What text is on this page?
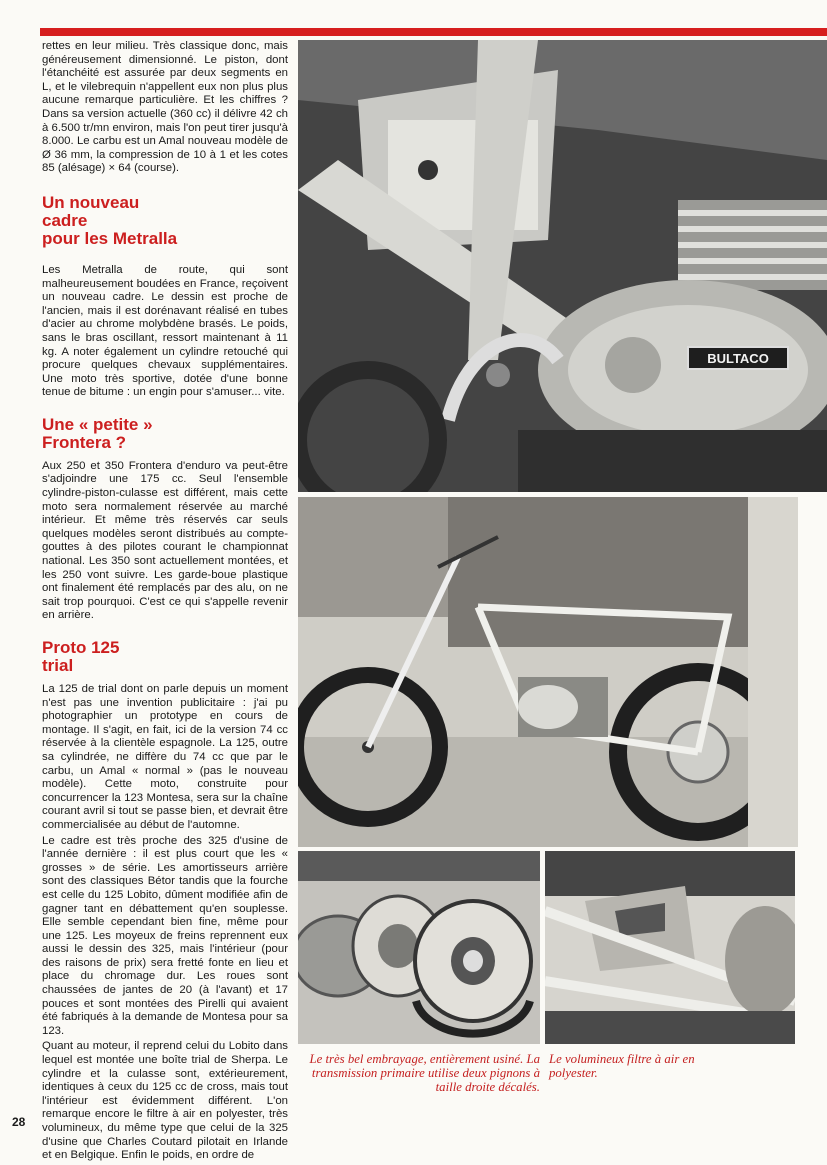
rettes en leur milieu. Très classique donc, mais généreusement dimensionné. Le piston, dont l'étanchéité est assurée par deux segments en L, et le vilebrequin n'appellent eux non plus plus aucune remarque particulière. Et les chiffres ? Dans sa version actuelle (360 cc) il délivre 42 ch à 6.500 tr/mn environ, mais l'on peut tirer jusqu'à 8.000. Le carbu est un Amal nouveau modèle de Ø 36 mm, la compression de 10 à 1 et les cotes 85 (alésage) × 64 (course).

Un nouveau
cadre
pour les Metralla

Les Metralla de route, qui sont malheureusement boudées en France, reçoivent un nouveau cadre. Le dessin est proche de l'ancien, mais il est dorénavant réalisé en tubes d'acier au chrome molybdène brasés. Le poids, sans le bras oscillant, ressort maintenant à 11 kg. A noter également un cylindre retouché qui procure quelques chevaux supplémentaires. Une moto très sportive, dotée d'une bonne tenue de bitume : un engin pour s'amuser... vite.

Une « petite »
Frontera ?

Aux 250 et 350 Frontera d'enduro va peut-être s'adjoindre une 175 cc. Seul l'ensemble cylindre-piston-culasse est différent, mais cette moto sera normalement réservée au marché intérieur. Et même très réservés car seuls quelques modèles seront distribués au compte-gouttes à des pilotes courant le championnat national. Les 350 sont actuellement montées, et les 250 vont suivre. Les garde-boue plastique ont finalement été remplacés par des alu, on ne sait trop pourquoi. C'est ce qui s'appelle revenir en arrière.

Proto 125
trial

La 125 de trial dont on parle depuis un moment n'est pas une invention publicitaire : j'ai pu photographier un prototype en cours de montage. Il s'agit, en fait, ici de la version 74 cc réservée à la clientèle espagnole. La 125, outre sa cylindrée, ne diffère du 74 cc que par le carbu, un Amal « normal » (pas le nouveau modèle). Cette moto, construite pour concurrencer la 123 Montesa, sera sur la chaîne courant avril si tout se passe bien, et devrait être commercialisée au début de l'automne.

Le cadre est très proche des 325 d'usine de l'année dernière : il est plus court que les « grosses » de série. Les amortisseurs arrière sont des classiques Bétor tandis que la fourche est celle du 125 Lobito, dûment modifiée afin de gagner tant en débattement qu'en souplesse. Elle semble cependant bien fine, même pour une 125. Les moyeux de freins reprennent eux aussi le dessin des 325, mais l'intérieur (pour des raisons de prix) sera fretté fonte en lieu et place du chromage dur. Les roues sont chaussées de jantes de 20 (à l'avant) et 17 pouces et sont montées des Pirelli qui avaient été fabriqués à la demande de Montesa pour sa 123.

Quant au moteur, il reprend celui du Lobito dans lequel est montée une boîte trial de Sherpa. Le cylindre et la culasse sont, extérieurement, identiques à ceux du 125 cc de cross, mais tout l'intérieur est évidemment différent. L'on remarque encore le filtre à air en polyester, très volumineux, du même type que celui de la 325 d'usine que Charles Coutard pilotait en Irlande et en Belgique. Enfin le poids, en ordre de

28
BULTACO
Le très bel embrayage, entièrement usiné. La transmission primaire utilise deux pignons à taille droite décalés.
Le volumineux filtre à air en polyester.
